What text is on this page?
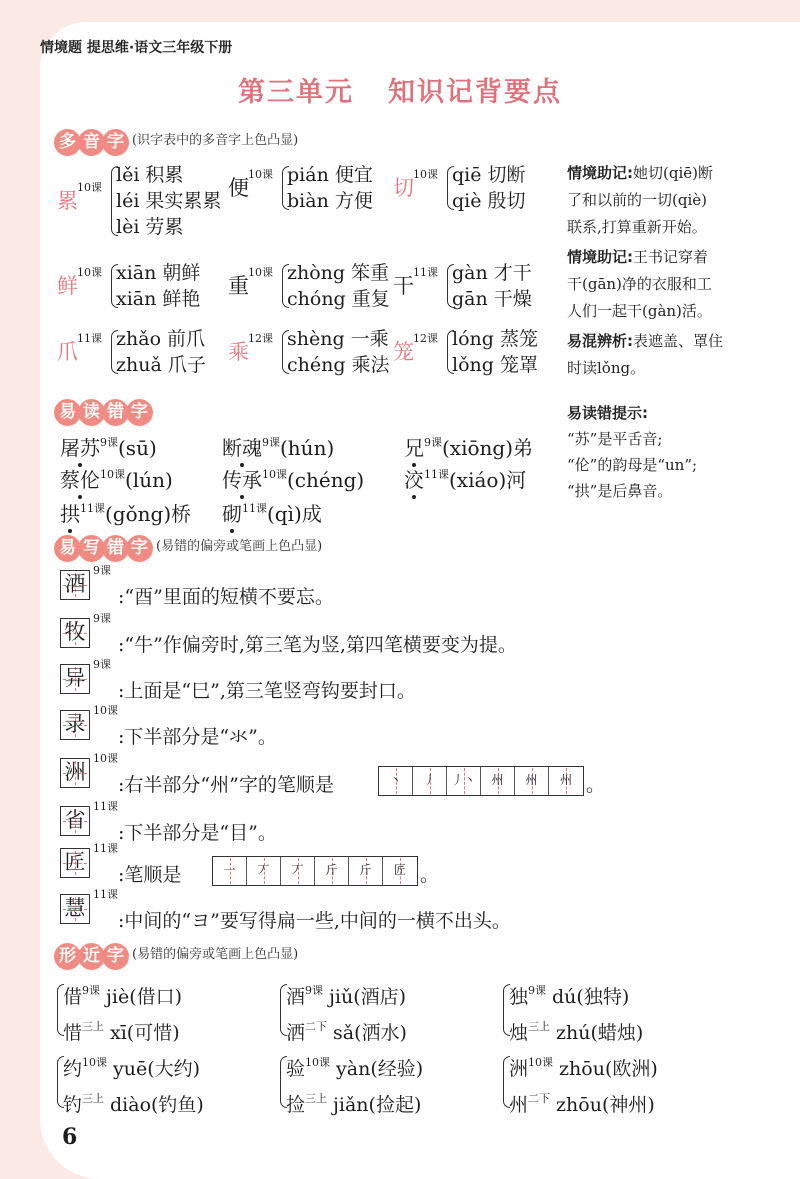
情境题 提思维·语文三年级下册
第三单元 知识记背要点
多 音 字 (识字表中的多音字上色凸显)
累
10课
lěi 积累
léi 果实累累
lèi 劳累
便
10课 pián 便宜
biàn 方便
切
10课 qiē 切断
qiè 殷切
鲜
10课 xiān 朝鲜
xiān 鲜艳
重
10课 zhòng 笨重
chóng 重复
干
11课 gàn 才干
gān 干燥
爪
11课 zhǎo 前爪
zhuǎ 爪子
乘
12课 shèng 一乘
chéng 乘法
笼
12课 lóng 蒸笼
lǒng 笼罩
情境助记:她切(qiē)断
了和以前的一切(qiè)
联系,打算重新开始。
情境助记:王书记穿着
干(gān)净的衣服和工
人们一起干(gàn)活。
易混辨析:表遮盖、罩住
时读lǒng。
易读错提示:
“苏”是平舌音;
“伦”的韵母是“un”;
“拱”是后鼻音。
易 读 错 字
屠苏$^{9课}$(sū)	断魂$^{9课}$(hún)	兄$^{9课}$(xiōng)弟
蔡伦$^{10课}$(lún) 传承$^{10课}$(chéng) 洨$^{11课}$(xiáo)河
拱$^{11课}$(gǒng)桥 砌$^{11课}$(qì)成
易 写 错 字 (易错的偏旁或笔画上色凸显)
酒
9课
:“酉”里面的短横不要忘。
牧
9课
:“牛”作偏旁时,第三笔为竖,第四笔横要变为提。
异
9课
:上面是“巳”,第三笔竖弯钩要封口。
录
10课
:下半部分是“氺”。
洲
10课
:右半部分“州”字的笔顺是	丶	丿	丿丶	州	州	州 。
省
11课
:下半部分是“目”。
匠
11课
:笔顺是	一	丆	丆	斤	斤	匠 。
慧
11课
:中间的“ヨ”要写得扁一些,中间的一横不出头。
形 近 字 (易错的偏旁或笔画上色凸显)
借$^{9课}$ jiè(借口)
惜$^{三上}$ xī(可惜)
酒$^{9课}$ jiǔ(酒店)
洒$^{二下}$ sǎ(洒水)
独$^{9课}$ dú(独特)
烛$^{三上}$ zhú(蜡烛)
约$^{10课}$ yuē(大约)
钓$^{三上}$ diào(钓鱼)
验$^{10课}$ yàn(经验)
捡$^{三上}$ jiǎn(捡起)
洲$^{10课}$ zhōu(欧洲)
州$^{二下}$ zhōu(神州)
6
